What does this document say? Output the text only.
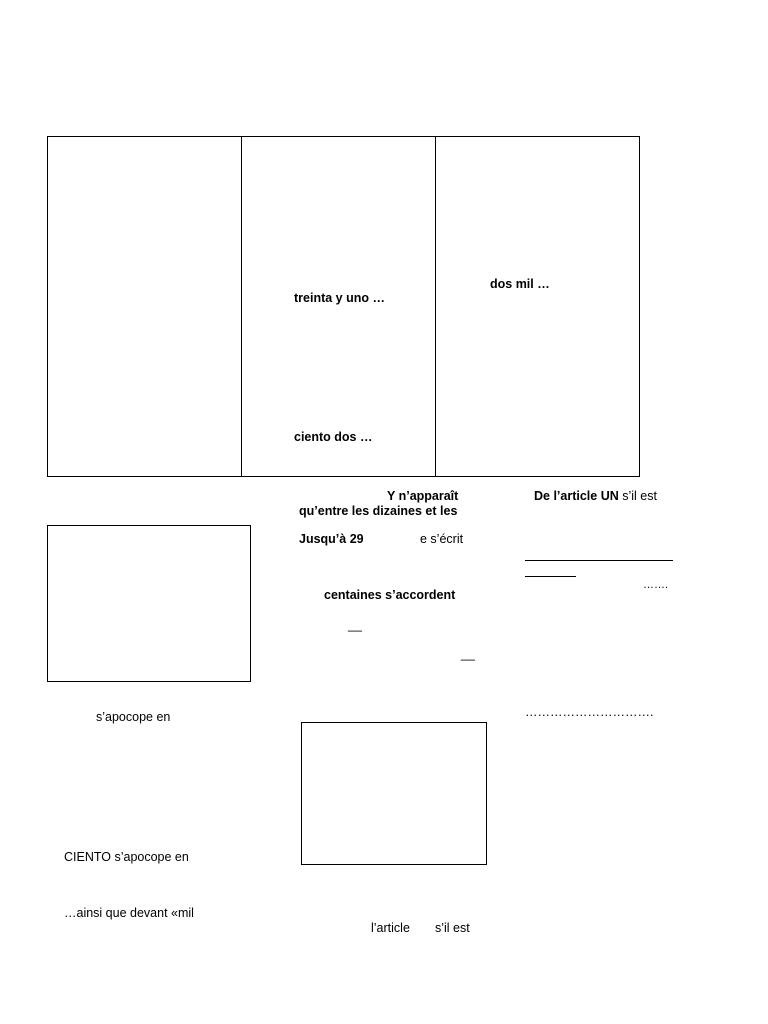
treinta y uno …
ciento dos …
dos mil …
Y n’apparaît
qu’entre les dizaines et les
Jusqu’à 29	e s’écrit
centaines s’accordent
__
__
De l’article UN s’il est
…….
………………………….
s’apocope en
CIENTO s’apocope en
…ainsi que devant «mil
l’article s’il est
